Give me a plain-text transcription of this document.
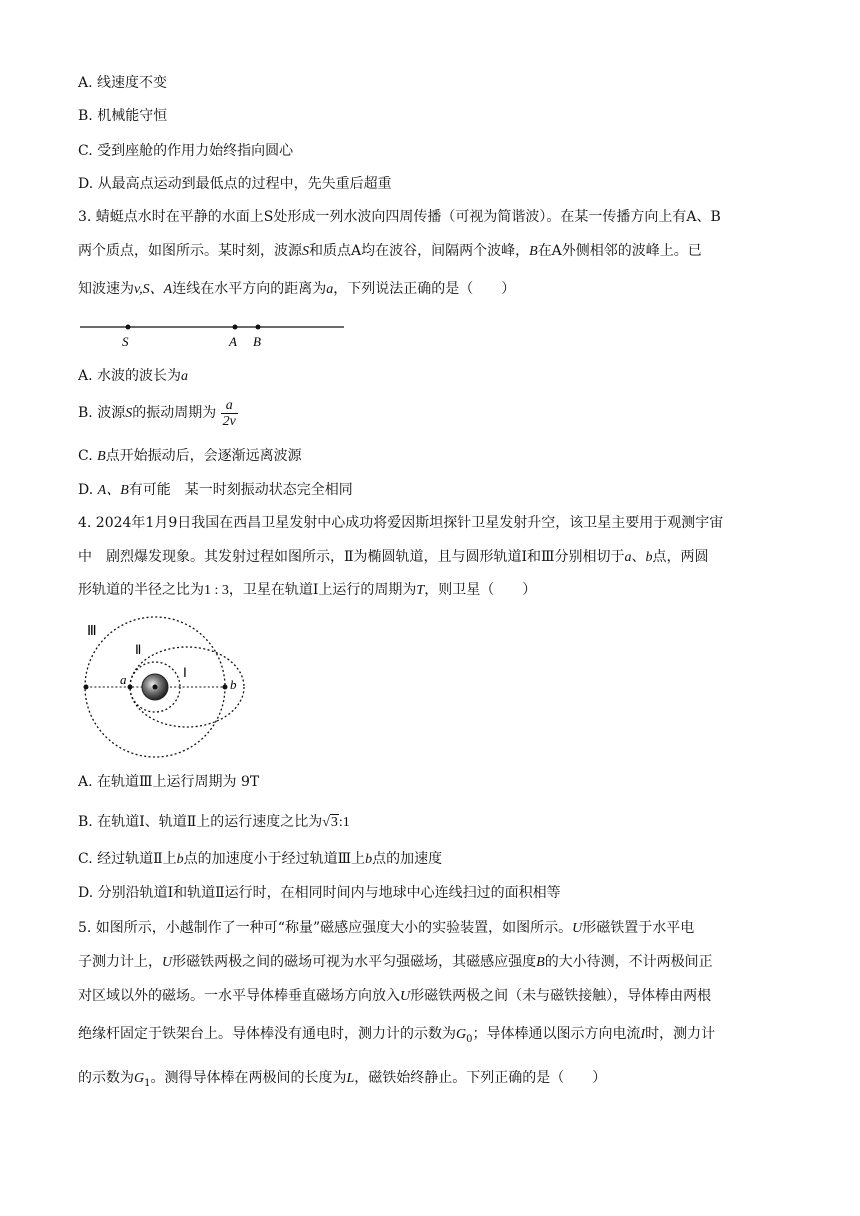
A. 线速度不变
B. 机械能守恒
C. 受到座舱的作用力始终指向圆心
D. 从最高点运动到最低点的过程中，先失重后超重
3. 蜻蜓点水时在平静的水面上S处形成一列水波向四周传播（可视为简谐波）。在某一传播方向上有A、B
两个质点，如图所示。某时刻，波源S和质点A均在波谷，间隔两个波峰，B在A外侧相邻的波峰上。已
知波速为v,S、A连线在水平方向的距离为a，下列说法正确的是（　　）
S	A B
A. 水波的波长为a
B. 波源S的振动周期为 $\frac{a}{2v}$
C. B点开始振动后，会逐渐远离波源
D. A、B有可能　某一时刻振动状态完全相同
4. 2024年1月9日我国在西昌卫星发射中心成功将爱因斯坦探针卫星发射升空，该卫星主要用于观测宇宙
中　剧烈爆发现象。其发射过程如图所示，Ⅱ为椭圆轨道，且与圆形轨道Ⅰ和Ⅲ分别相切于a、b点，两圆
形轨道的半径之比为1 : 3，卫星在轨道Ⅰ上运行的周期为T，则卫星（　　）
Ⅲ
Ⅱ
Ⅰ
a	b
A. 在轨道Ⅲ上运行周期为 9T
B. 在轨道Ⅰ、轨道Ⅱ上的运行速度之比为√3:1
C. 经过轨道Ⅱ上b点的加速度小于经过轨道Ⅲ上b点的加速度
D. 分别沿轨道Ⅰ和轨道Ⅱ运行时，在相同时间内与地球中心连线扫过的面积相等
5. 如图所示，小越制作了一种可“称量”磁感应强度大小的实验装置，如图所示。U形磁铁置于水平电
子测力计上，U形磁铁两极之间的磁场可视为水平匀强磁场，其磁感应强度B的大小待测，不计两极间正
对区域以外的磁场。一水平导体棒垂直磁场方向放入U形磁铁两极之间（未与磁铁接触），导体棒由两根
绝缘杆固定于铁架台上。导体棒没有通电时，测力计的示数为$G_0$；导体棒通以图示方向电流I时，测力计
的示数为$G_1$。测得导体棒在两极间的长度为L，磁铁始终静止。下列正确的是（　　）
